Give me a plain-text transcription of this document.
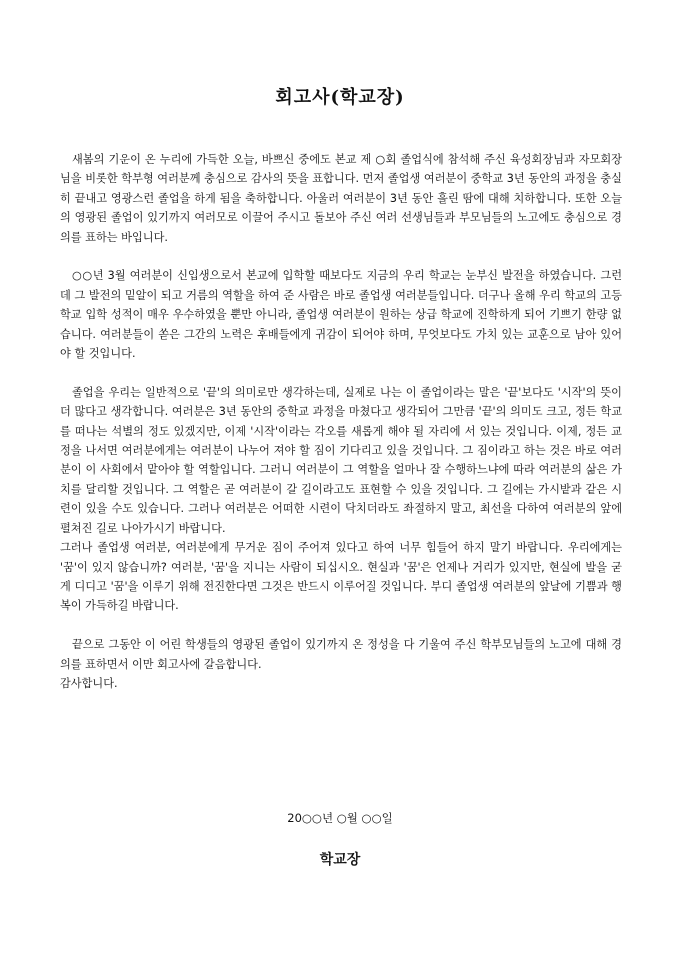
회고사(학교장)

새봄의 기운이 온 누리에 가득한 오늘, 바쁘신 중에도 본교 제 ○회 졸업식에 참석해 주신 육성회장님과 자모회장님을 비롯한 학부형 여러분께 충심으로 감사의 뜻을 표합니다. 먼저 졸업생 여러분이 중학교 3년 동안의 과정을 충실히 끝내고 영광스런 졸업을 하게 됨을 축하합니다. 아울러 여러분이 3년 동안 흘린 땀에 대해 치하합니다. 또한 오늘의 영광된 졸업이 있기까지 여러모로 이끌어 주시고 돌보아 주신 여러 선생님들과 부모님들의 노고에도 충심으로 경의를 표하는 바입니다.

○○년 3월 여러분이 신입생으로서 본교에 입학할 때보다도 지금의 우리 학교는 눈부신 발전을 하였습니다. 그런데 그 발전의 밑알이 되고 거름의 역할을 하여 준 사람은 바로 졸업생 여러분들입니다. 더구나 올해 우리 학교의 고등 학교 입학 성적이 매우 우수하였을 뿐만 아니라, 졸업생 여러분이 원하는 상급 학교에 진학하게 되어 기쁘기 한량 없습니다. 여러분들이 쏟은 그간의 노력은 후배들에게 귀감이 되어야 하며, 무엇보다도 가치 있는 교훈으로 남아 있어야 할 것입니다.

졸업을 우리는 일반적으로 '끝'의 의미로만 생각하는데, 실제로 나는 이 졸업이라는 말은 '끝'보다도 '시작'의 뜻이 더 많다고 생각합니다. 여러분은 3년 동안의 중학교 과정을 마쳤다고 생각되어 그만큼 '끝'의 의미도 크고, 정든 학교를 떠나는 석별의 정도 있겠지만, 이제 '시작'이라는 각오를 새롭게 해야 될 자리에 서 있는 것입니다. 이제, 정든 교정을 나서면 여러분에게는 여러분이 나누어 져야 할 짐이 기다리고 있을 것입니다. 그 짐이라고 하는 것은 바로 여러분이 이 사회에서 맡아야 할 역할입니다. 그러니 여러분이 그 역할을 얼마나 잘 수행하느냐에 따라 여러분의 삶은 가치를 달리할 것입니다. 그 역할은 곧 여러분이 갈 길이라고도 표현할 수 있을 것입니다. 그 길에는 가시밭과 같은 시련이 있을 수도 있습니다. 그러나 여러분은 어떠한 시련이 닥치더라도 좌절하지 말고, 최선을 다하여 여러분의 앞에 펼쳐진 길로 나아가시기 바랍니다.

그러나 졸업생 여러분, 여러분에게 무거운 짐이 주어져 있다고 하여 너무 힘들어 하지 말기 바랍니다. 우리에게는 '꿈'이 있지 않습니까? 여러분, '꿈'을 지니는 사람이 되십시오. 현실과 '꿈'은 언제나 거리가 있지만, 현실에 발을 굳게 디디고 '꿈'을 이루기 위해 전진한다면 그것은 반드시 이루어질 것입니다. 부디 졸업생 여러분의 앞날에 기쁨과 행복이 가득하길 바랍니다.

끝으로 그동안 이 어린 학생들의 영광된 졸업이 있기까지 온 정성을 다 기울여 주신 학부모님들의 노고에 대해 경의를 표하면서 이만 회고사에 갈음합니다.

감사합니다.

20○○년 ○월 ○○일
학교장
